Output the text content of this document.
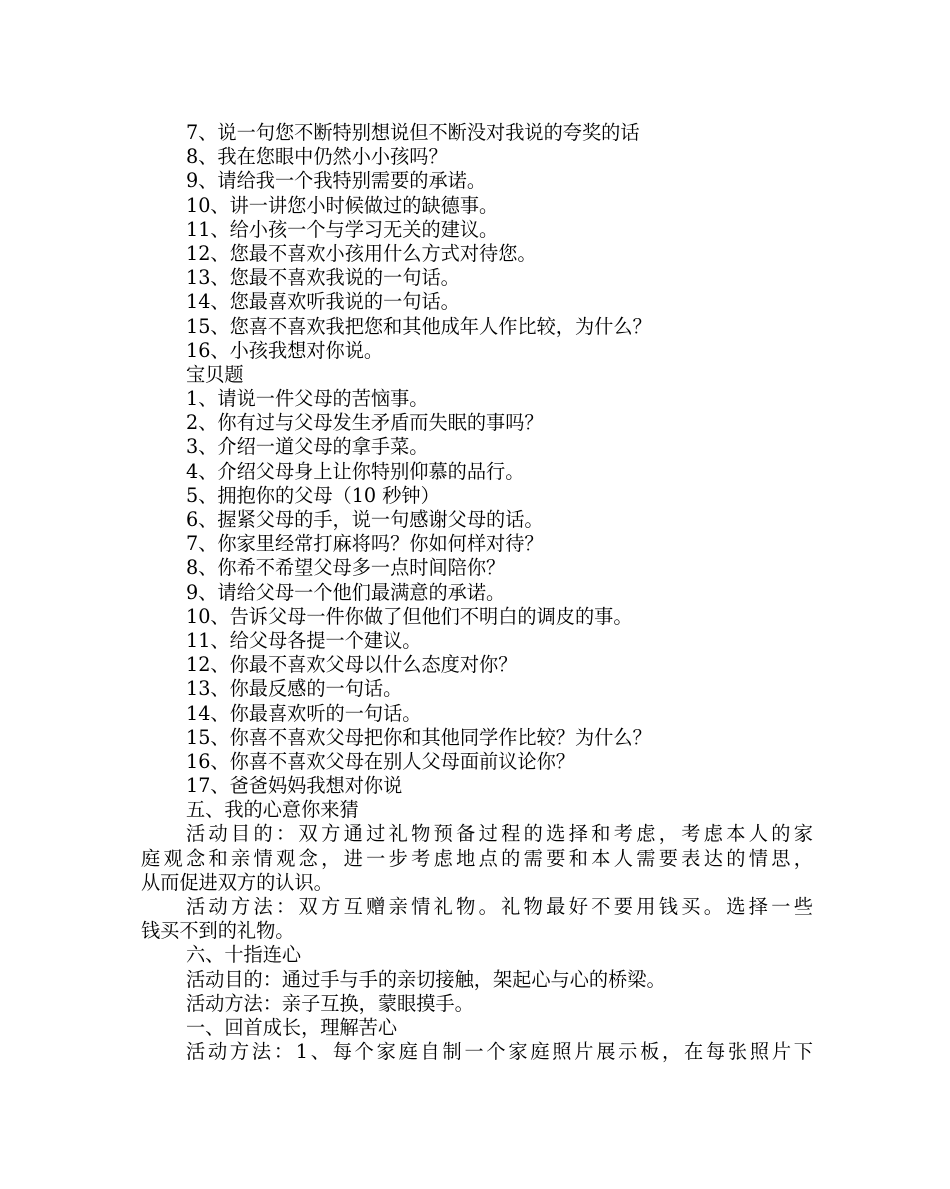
7、说一句您不断特别想说但不断没对我说的夸奖的话
8、我在您眼中仍然小小孩吗？
9、请给我一个我特别需要的承诺。
10、讲一讲您小时候做过的缺德事。
11、给小孩一个与学习无关的建议。
12、您最不喜欢小孩用什么方式对待您。
13、您最不喜欢我说的一句话。
14、您最喜欢听我说的一句话。
15、您喜不喜欢我把您和其他成年人作比较，为什么？
16、小孩我想对你说。
宝贝题
1、请说一件父母的苦恼事。
2、你有过与父母发生矛盾而失眠的事吗？
3、介绍一道父母的拿手菜。
4、介绍父母身上让你特别仰慕的品行。
5、拥抱你的父母（10 秒钟）
6、握紧父母的手，说一句感谢父母的话。
7、你家里经常打麻将吗？你如何样对待？
8、你希不希望父母多一点时间陪你？
9、请给父母一个他们最满意的承诺。
10、告诉父母一件你做了但他们不明白的调皮的事。
11、给父母各提一个建议。
12、你最不喜欢父母以什么态度对你？
13、你最反感的一句话。
14、你最喜欢听的一句话。
15、你喜不喜欢父母把你和其他同学作比较？为什么？
16、你喜不喜欢父母在别人父母面前议论你？
17、爸爸妈妈我想对你说
五、我的心意你来猜
活动目的：双方通过礼物预备过程的选择和考虑，考虑本人的家
庭观念和亲情观念，进一步考虑地点的需要和本人需要表达的情思，
从而促进双方的认识。
活动方法：双方互赠亲情礼物。礼物最好不要用钱买。选择一些
钱买不到的礼物。
六、十指连心
活动目的：通过手与手的亲切接触，架起心与心的桥梁。
活动方法：亲子互换，蒙眼摸手。
一、回首成长，理解苦心
活动方法：1、每个家庭自制一个家庭照片展示板，在每张照片下
